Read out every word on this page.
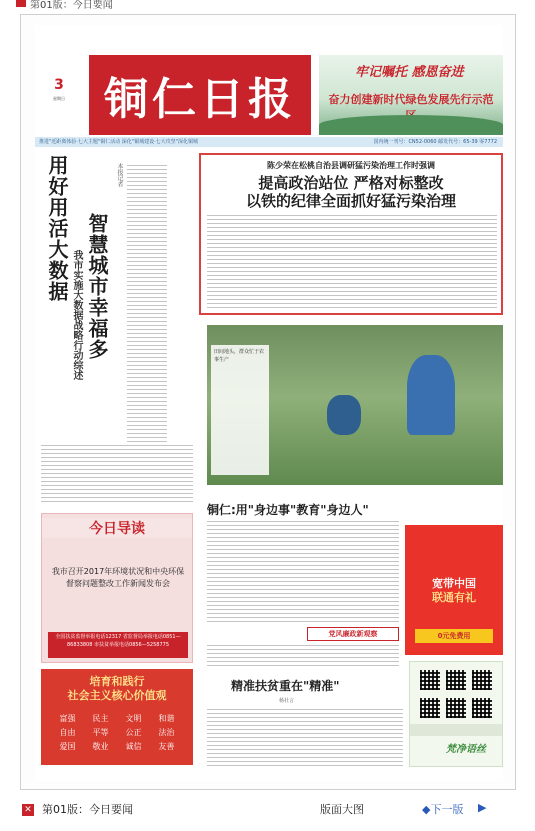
第01版：今日要闻
3
星期日 铜仁日报
牢记嘱托 感恩奋进
奋力创建新时代绿色发展先行示范
推进"近距离体验·七大主题"铜仁活动 深化"铜城建设·七大攻坚"深化铜城	国内统一刊号：CN52-0060 邮发代号：65-39 零7772
用好用活大数据
我市实施大数据战略行动综述 智慧城市幸福多
本报记者	陈少荣在松桃自治县调研猛污染治理工作时强调
提高政治站位 严格对标整改
以铁的纪律全面抓好猛污染治理
田间地头，群众忙于农事生产
今日导读
我市召开2017年环境状况和中央环保督察问题整改工作新闻发布会
全国扶贫监督举报电话12317 省监督局举报电话0851—86833808 市扶贫举报电话0856—5258775
培育和践行
社会主义核心价值观
富强	民主	文明	和谐
自由	平等	公正	法治
爱国	敬业	诚信	友善
铜仁:用"身边事"教育"身边人"
党风廉政新观察
宽带中国
联通有礼
0元免费用
精准扶贫重在"精准"
杨社言
梵净语丝
✕ 第01版：今日要闻	版面大图	◆下一版 ▶
